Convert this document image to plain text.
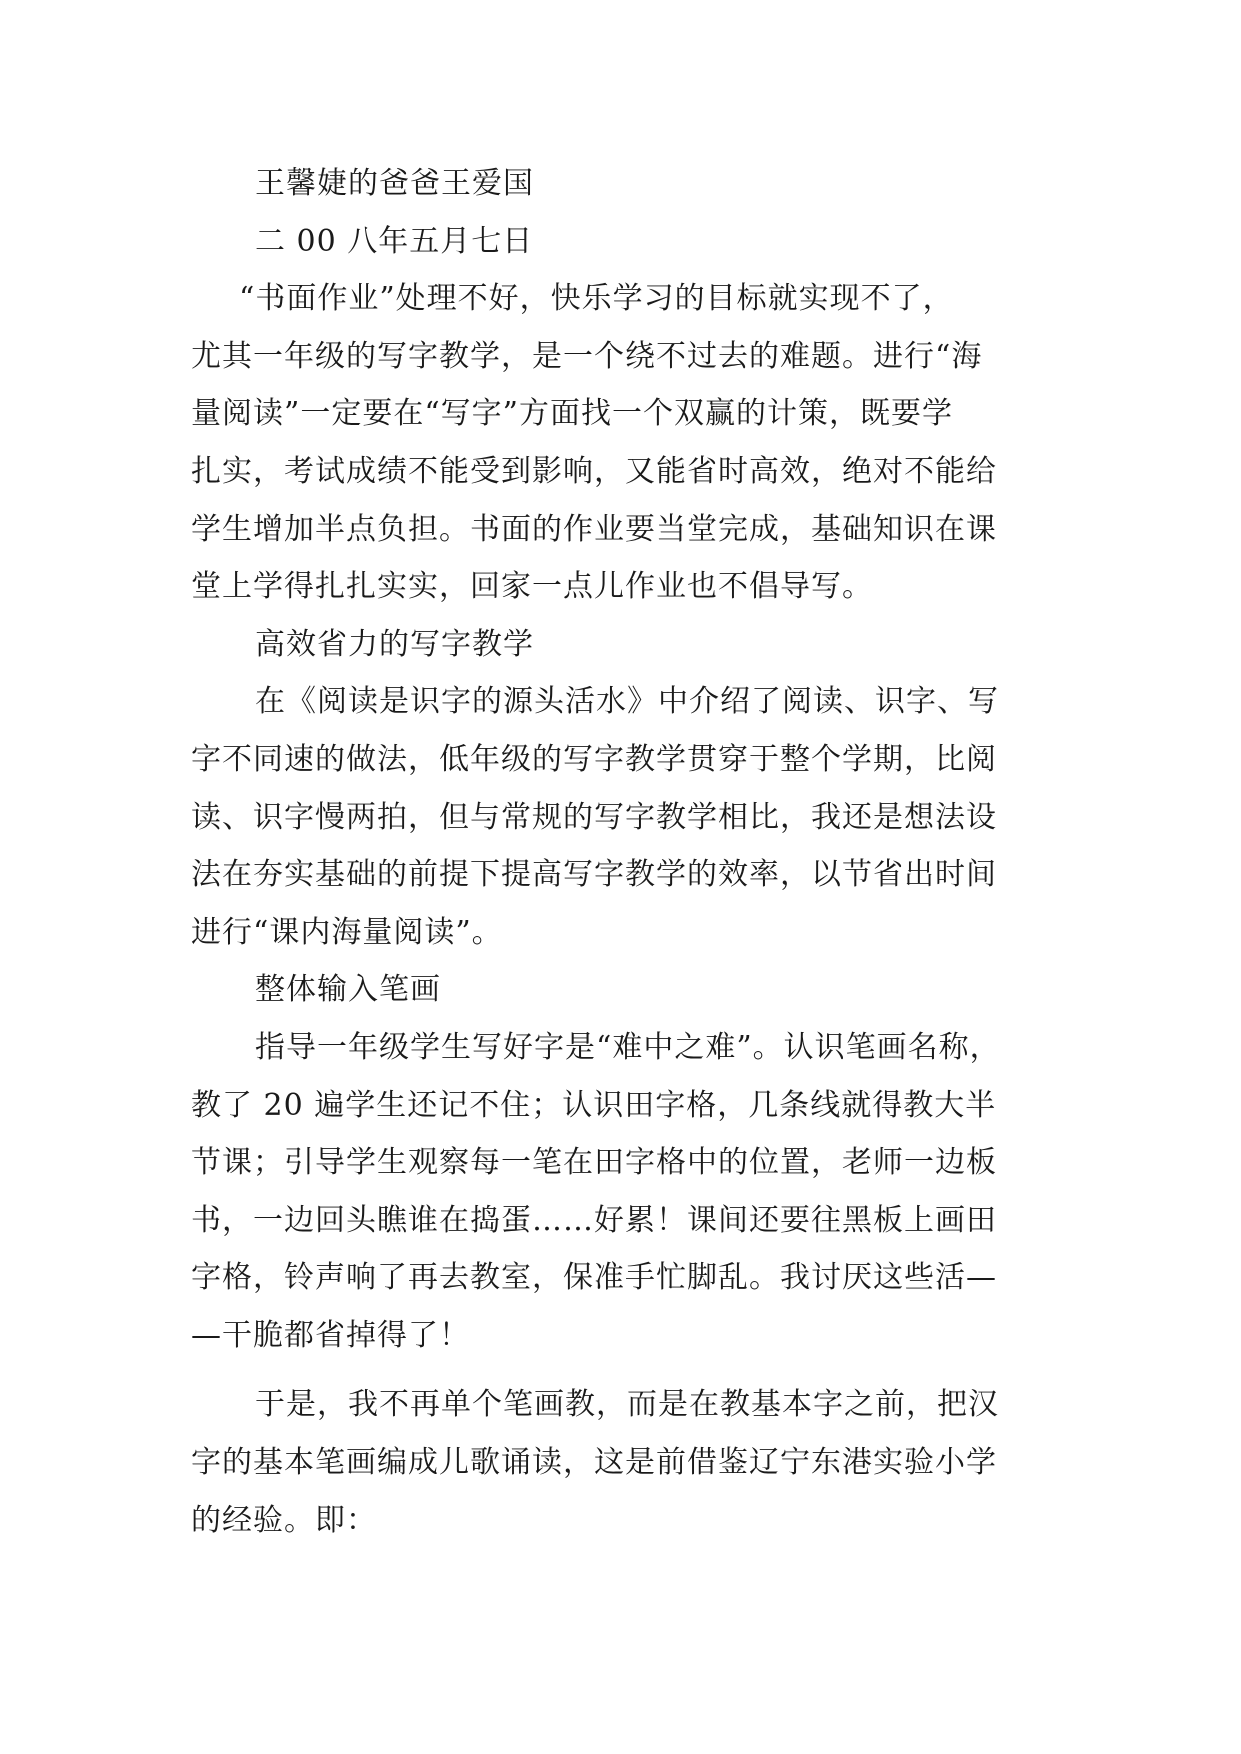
王馨婕的爸爸王爱国
二 00 八年五月七日
“书面作业”处理不好，快乐学习的目标就实现不了，
尤其一年级的写字教学，是一个绕不过去的难题。进行“海
量阅读”一定要在“写字”方面找一个双赢的计策，既要学
扎实，考试成绩不能受到影响，又能省时高效，绝对不能给
学生增加半点负担。书面的作业要当堂完成，基础知识在课
堂上学得扎扎实实，回家一点儿作业也不倡导写。
高效省力的写字教学
在《阅读是识字的源头活水》中介绍了阅读、识字、写
字不同速的做法，低年级的写字教学贯穿于整个学期，比阅
读、识字慢两拍，但与常规的写字教学相比，我还是想法设
法在夯实基础的前提下提高写字教学的效率，以节省出时间
进行“课内海量阅读”。
整体输入笔画
指导一年级学生写好字是“难中之难”。认识笔画名称，
教了 20 遍学生还记不住；认识田字格，几条线就得教大半
节课；引导学生观察每一笔在田字格中的位置，老师一边板
书，一边回头瞧谁在捣蛋……好累！课间还要往黑板上画田
字格，铃声响了再去教室，保准手忙脚乱。我讨厌这些活—
—干脆都省掉得了！
于是，我不再单个笔画教，而是在教基本字之前，把汉
字的基本笔画编成儿歌诵读，这是前借鉴辽宁东港实验小学
的经验。即：
